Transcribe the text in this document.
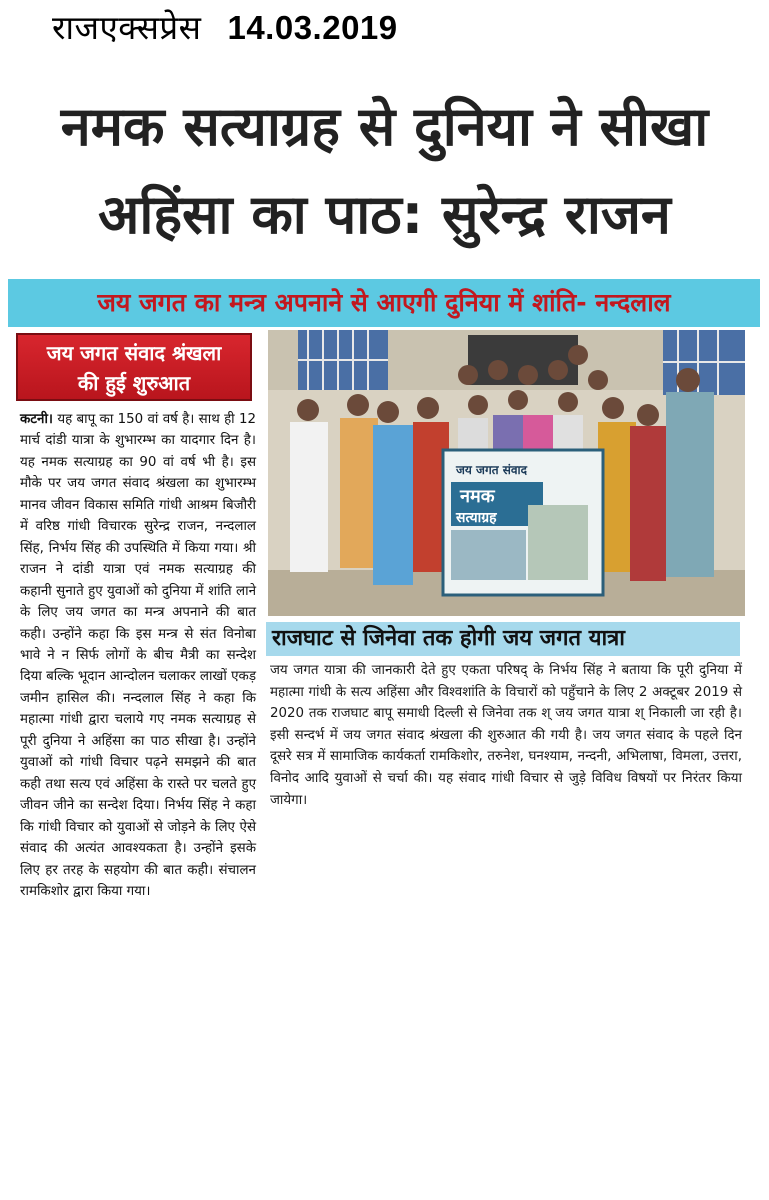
राजएक्सप्रेस 14.03.2019
नमक सत्याग्रह से दुनिया ने सीखा
अहिंसा का पाठ: सुरेन्द्र राजन
जय जगत का मन्त्र अपनाने से आएगी दुनिया में शांति- नन्दलाल
जय जगत संवाद श्रंखला
की हुई शुरुआत
कटनी। यह बापू का 150 वां वर्ष है। साथ ही 12 मार्च दांडी यात्रा के शुभारम्भ का यादगार दिन है। यह नमक सत्याग्रह का 90 वां वर्ष भी है। इस मौके पर जय जगत संवाद श्रंखला का शुभारम्भ मानव जीवन विकास समिति गांधी आश्रम बिजौरी में वरिष्ठ गांधी विचारक सुरेन्द्र राजन, नन्दलाल सिंह, निर्भय सिंह की उपस्थिति में किया गया। श्री राजन ने दांडी यात्रा एवं नमक सत्याग्रह की कहानी सुनाते हुए युवाओं को दुनिया में शांति लाने के लिए जय जगत का मन्त्र अपनाने की बात कही। उन्होंने कहा कि इस मन्त्र से संत विनोबा भावे ने न सिर्फ लोगों के बीच मैत्री का सन्देश दिया बल्कि भूदान आन्दोलन चलाकर लाखों एकड़ जमीन हासिल की। नन्दलाल सिंह ने कहा कि महात्मा गांधी द्वारा चलाये गए नमक सत्याग्रह से पूरी दुनिया ने अहिंसा का पाठ सीखा है। उन्होंने युवाओं को गांधी विचार पढ़ने समझने की बात कही तथा सत्य एवं अहिंसा के रास्ते पर चलते हुए जीवन जीने का सन्देश दिया। निर्भय सिंह ने कहा कि गांधी विचार को युवाओं से जोड़ने के लिए ऐसे संवाद की अत्यंत आवश्यकता है। उन्होंने इसके लिए हर तरह के सहयोग की बात कही। संचालन रामकिशोर द्वारा किया गया।
जय जगत संवाद
नमक
सत्याग्रह
राजघाट से जिनेवा तक होगी जय जगत यात्रा
जय जगत यात्रा की जानकारी देते हुए एकता परिषद् के निर्भय सिंह ने बताया कि पूरी दुनिया में महात्मा गांधी के सत्य अहिंसा और विश्वशांति के विचारों को पहुँचाने के लिए 2 अक्टूबर 2019 से 2020 तक राजघाट बापू समाधी दिल्ली से जिनेवा तक श् जय जगत यात्रा श् निकाली जा रही है। इसी सन्दर्भ में जय जगत संवाद श्रंखला की शुरुआत की गयी है। जय जगत संवाद के पहले दिन दूसरे सत्र में सामाजिक कार्यकर्ता रामकिशोर, तरुनेश, घनश्याम, नन्दनी, अभिलाषा, विमला, उत्तरा, विनोद आदि युवाओं से चर्चा की। यह संवाद गांधी विचार से जुड़े विविध विषयों पर निरंतर किया जायेगा।
